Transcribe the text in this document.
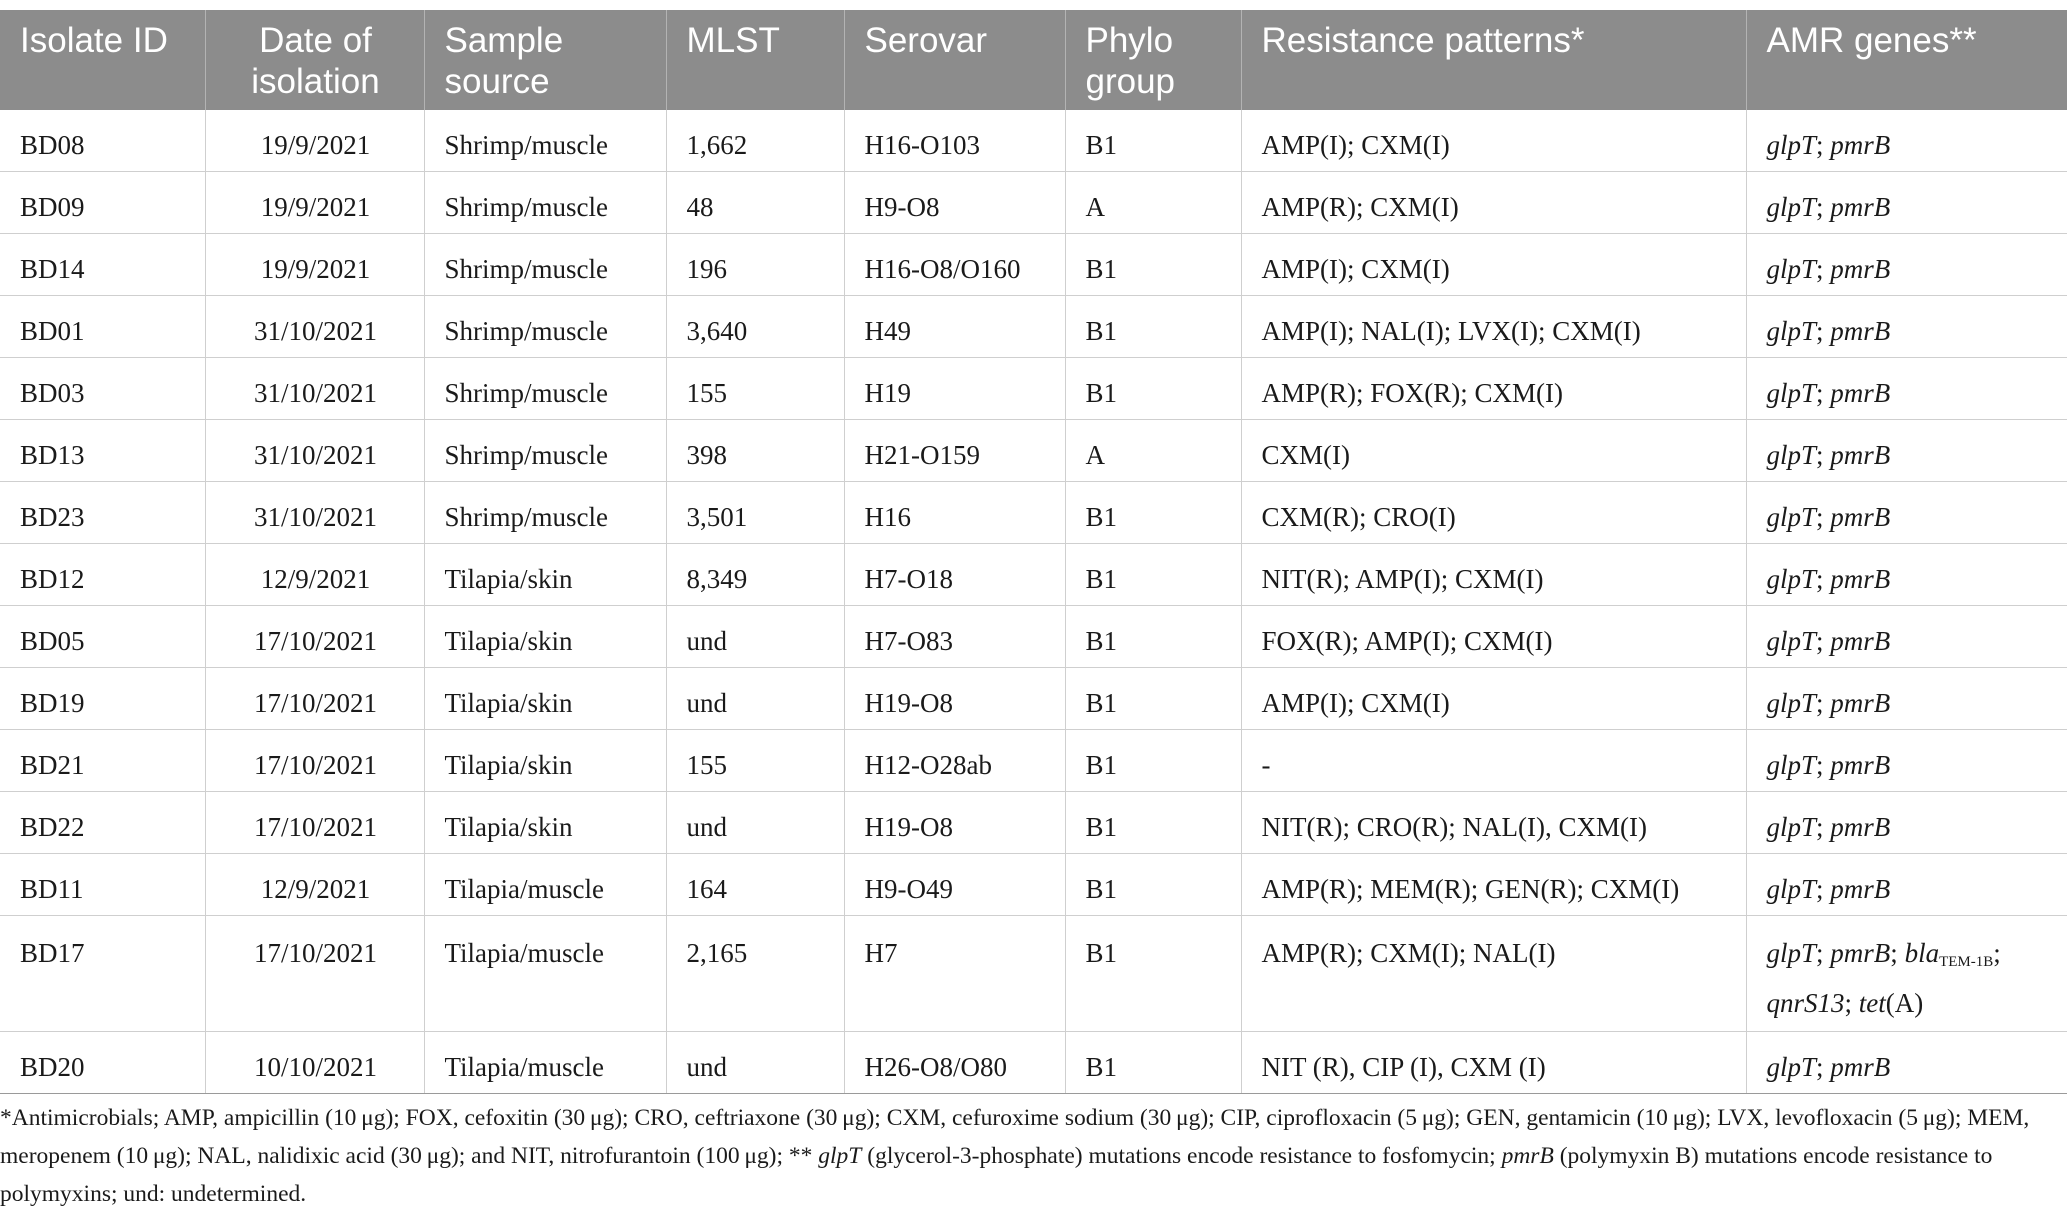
Isolate ID	Date of isolation	Sample source	MLST	Serovar	Phylo group	Resistance patterns*	AMR genes**
BD08	19/9/2021	Shrimp/muscle	1,662	H16-O103	B1	AMP(I); CXM(I)	glpT; pmrB
BD09	19/9/2021	Shrimp/muscle	48	H9-O8	A	AMP(R); CXM(I)	glpT; pmrB
BD14	19/9/2021	Shrimp/muscle	196	H16-O8/O160	B1	AMP(I); CXM(I)	glpT; pmrB
BD01	31/10/2021	Shrimp/muscle	3,640	H49	B1	AMP(I); NAL(I); LVX(I); CXM(I)	glpT; pmrB
BD03	31/10/2021	Shrimp/muscle	155	H19	B1	AMP(R); FOX(R); CXM(I)	glpT; pmrB
BD13	31/10/2021	Shrimp/muscle	398	H21-O159	A	CXM(I)	glpT; pmrB
BD23	31/10/2021	Shrimp/muscle	3,501	H16	B1	CXM(R); CRO(I)	glpT; pmrB
BD12	12/9/2021	Tilapia/skin	8,349	H7-O18	B1	NIT(R); AMP(I); CXM(I)	glpT; pmrB
BD05	17/10/2021	Tilapia/skin	und	H7-O83	B1	FOX(R); AMP(I); CXM(I)	glpT; pmrB
BD19	17/10/2021	Tilapia/skin	und	H19-O8	B1	AMP(I); CXM(I)	glpT; pmrB
BD21	17/10/2021	Tilapia/skin	155	H12-O28ab	B1	-	glpT; pmrB
BD22	17/10/2021	Tilapia/skin	und	H19-O8	B1	NIT(R); CRO(R); NAL(I), CXM(I)	glpT; pmrB
BD11	12/9/2021	Tilapia/muscle	164	H9-O49	B1	AMP(R); MEM(R); GEN(R); CXM(I)	glpT; pmrB
BD17	17/10/2021	Tilapia/muscle	2,165	H7	B1	AMP(R); CXM(I); NAL(I)	glpT; pmrB; bla$_{TEM-1B}$; qnrS13; tet(A)
BD20	10/10/2021	Tilapia/muscle	und	H26-O8/O80	B1	NIT (R), CIP (I), CXM (I)	glpT; pmrB

*Antimicrobials; AMP, ampicillin (10 μg); FOX, cefoxitin (30 μg); CRO, ceftriaxone (30 μg); CXM, cefuroxime sodium (30 μg); CIP, ciprofloxacin (5 μg); GEN, gentamicin (10 μg); LVX, levofloxacin (5 μg); MEM, meropenem (10 μg); NAL, nalidixic acid (30 μg); and NIT, nitrofurantoin (100 μg); ** glpT (glycerol-3-phosphate) mutations encode resistance to fosfomycin; pmrB (polymyxin B) mutations encode resistance to polymyxins; und: undetermined.
